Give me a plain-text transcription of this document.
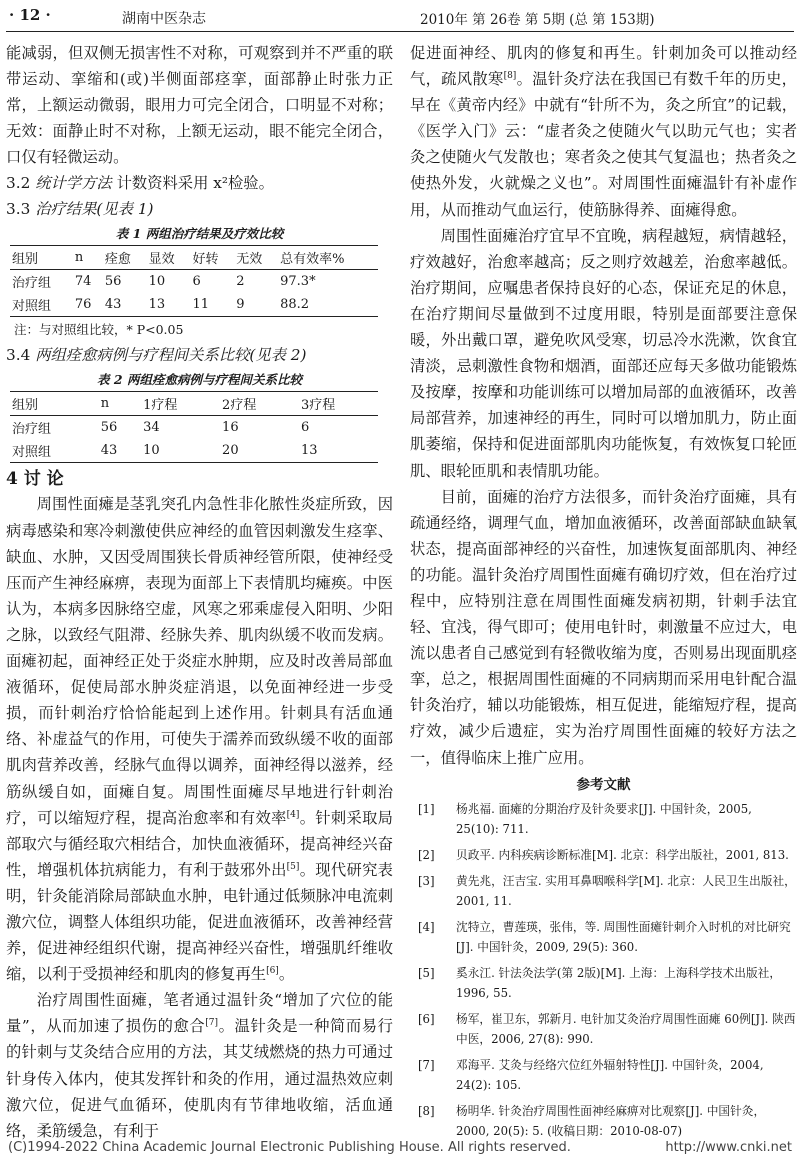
· 12 ·	湖南中医杂志	2010年 第 26卷 第 5期 (总 第 153期)

能减弱，但双侧无损害性不对称，可观察到并不严重的联带运动、挛缩和(或)半侧面部痉挛，面部静止时张力正常，上额运动微弱，眼用力可完全闭合，口明显不对称；无效：面静止时不对称，上额无运动，眼不能完全闭合，口仅有轻微运动。

3.2 统计学方法 计数资料采用 x²检验。

3.3 治疗结果(见表 1)

表 1 两组治疗结果及疗效比较
组别	n	痊愈	显效	好转	无效	总有效率%
治疗组	74	56	10	6	2	97.3*
对照组	76	43	13	11	9	88.2
注：与对照组比较，* P<0.05

3.4 两组痊愈病例与疗程间关系比较(见表 2)

表 2 两组痊愈病例与疗程间关系比较
组别	n	1疗程	2疗程	3疗程
治疗组	56	34	16	6
对照组	43	10	20	13
4 讨 论

周围性面瘫是茎乳突孔内急性非化脓性炎症所致，因病毒感染和寒冷刺激使供应神经的血管因刺激发生痉挛、缺血、水肿，又因受周围狭长骨质神经管所限，使神经受压而产生神经麻痹，表现为面部上下表情肌均瘫痪。中医认为，本病多因脉络空虚，风寒之邪乘虚侵入阳明、少阳之脉，以致经气阻滞、经脉失养、肌肉纵缓不收而发病。面瘫初起，面神经正处于炎症水肿期，应及时改善局部血液循环，促使局部水肿炎症消退，以免面神经进一步受损，而针刺治疗恰恰能起到上述作用。针刺具有活血通络、补虚益气的作用，可使失于濡养而致纵缓不收的面部肌肉营养改善，经脉气血得以调养，面神经得以滋养，经筋纵缓自如，面瘫自复。周围性面瘫尽早地进行针刺治疗，可以缩短疗程，提高治愈率和有效率[4]。针刺采取局部取穴与循经取穴相结合，加快血液循环，提高神经兴奋性，增强机体抗病能力，有利于鼓邪外出[5]。现代研究表明，针灸能消除局部缺血水肿，电针通过低频脉冲电流刺激穴位，调整人体组织功能，促进血液循环，改善神经营养，促进神经组织代谢，提高神经兴奋性，增强肌纤维收缩，以利于受损神经和肌肉的修复再生[6]。

治疗周围性面瘫，笔者通过温针灸“增加了穴位的能量”，从而加速了损伤的愈合[7]。温针灸是一种简而易行的针刺与艾灸结合应用的方法，其艾绒燃烧的热力可通过针身传入体内，使其发挥针和灸的作用，通过温热效应刺激穴位，促进气血循环，使肌肉有节律地收缩，活血通络，柔筋缓急，有利于

促进面神经、肌肉的修复和再生。针刺加灸可以推动经气，疏风散寒[8]。温针灸疗法在我国已有数千年的历史，早在《黄帝内经》中就有“针所不为，灸之所宜”的记载，《医学入门》云：“虚者灸之使随火气以助元气也；实者灸之使随火气发散也；寒者灸之使其气复温也；热者灸之使热外发，火就燥之义也”。对周围性面瘫温针有补虚作用，从而推动气血运行，使筋脉得养、面瘫得愈。

周围性面瘫治疗宜早不宜晚，病程越短，病情越轻，疗效越好，治愈率越高；反之则疗效越差，治愈率越低。治疗期间，应嘱患者保持良好的心态，保证充足的休息，在治疗期间尽量做到不过度用眼，特别是面部要注意保暖，外出戴口罩，避免吹风受寒，切忌冷水洗漱，饮食宜清淡，忌刺激性食物和烟酒，面部还应每天多做功能锻炼及按摩，按摩和功能训练可以增加局部的血液循环，改善局部营养，加速神经的再生，同时可以增加肌力，防止面肌萎缩，保持和促进面部肌肉功能恢复，有效恢复口轮匝肌、眼轮匝肌和表情肌功能。

目前，面瘫的治疗方法很多，而针灸治疗面瘫，具有疏通经络，调理气血，增加血液循环，改善面部缺血缺氧状态，提高面部神经的兴奋性，加速恢复面部肌肉、神经的功能。温针灸治疗周围性面瘫有确切疗效，但在治疗过程中，应特别注意在周围性面瘫发病初期，针刺手法宜轻、宜浅，得气即可；使用电针时，刺激量不应过大，电流以患者自己感觉到有轻微收缩为度，否则易出现面肌痉挛，总之，根据周围性面瘫的不同病期而采用电针配合温针灸治疗，辅以功能锻炼，相互促进，能缩短疗程，提高疗效，减少后遗症，实为治疗周围性面瘫的较好方法之一，值得临床上推广应用。

参考文献

[1] 杨兆福. 面瘫的分期治疗及针灸要求[J]. 中国针灸，2005, 25(10): 711.

[2] 贝政平. 内科疾病诊断标准[M]. 北京：科学出版社，2001, 813.

[3] 黄先兆，汪吉宝. 实用耳鼻咽喉科学[M]. 北京：人民卫生出版社，2001, 11.

[4] 沈特立，曹莲瑛，张伟，等. 周围性面瘫针刺介入时机的对比研究[J]. 中国针灸，2009, 29(5): 360.

[5] 奚永江. 针法灸法学(第 2版)[M]. 上海：上海科学技术出版社，1996, 55.

[6] 杨军，崔卫东，郭新月. 电针加艾灸治疗周围性面瘫 60例[J]. 陕西中医，2006, 27(8): 990.

[7] 邓海平. 艾灸与经络穴位红外辐射特性[J]. 中国针灸，2004, 24(2): 105.

[8] 杨明华. 针灸治疗周围性面神经麻痹对比观察[J]. 中国针灸，2000, 20(5): 5. (收稿日期：2010-08-07)

(C)1994-2022 China Academic Journal Electronic Publishing House. All rights reserved.	http://www.cnki.net
